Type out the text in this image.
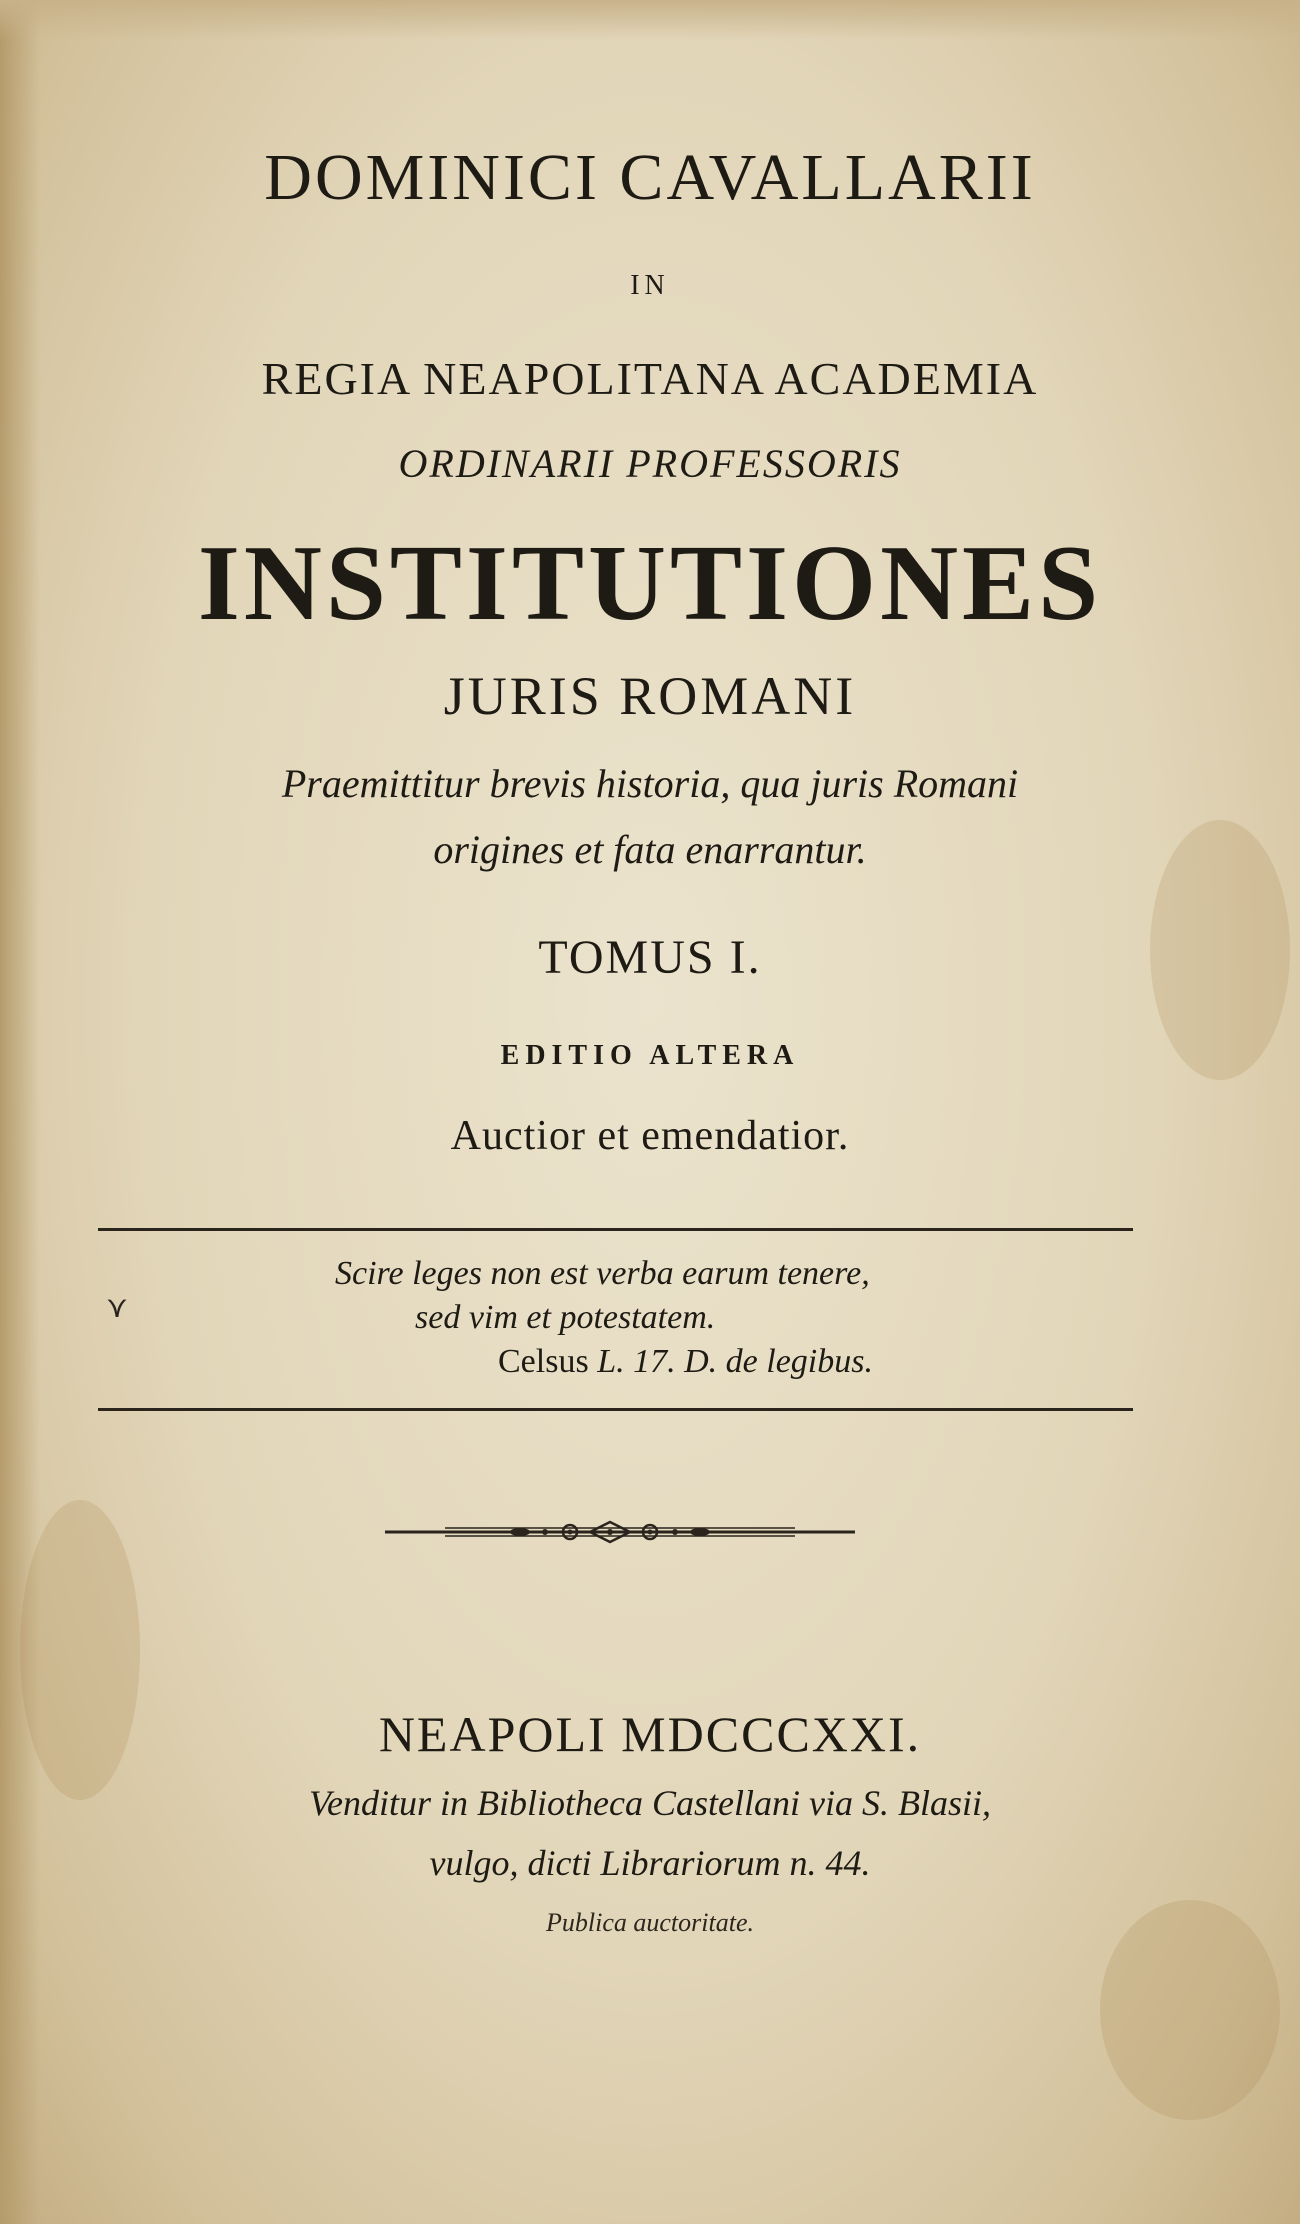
DOMINICI CAVALLARII
IN
REGIA NEAPOLITANA ACADEMIA
ORDINARII PROFESSORIS
INSTITUTIONES
JURIS ROMANI
Praemittitur brevis historia, qua juris Romani
origines et fata enarrantur.
TOMUS I.
EDITIO ALTERA
Auctior et emendatior.
Scire leges non est verba earum tenere,
sed vim et potestatem.
Celsus L. 17. D. de legibus.
⋎
NEAPOLI MDCCCXXI.
Venditur in Bibliotheca Castellani via S. Blasii,
vulgo, dicti Librariorum n. 44.
Publica auctoritate.
